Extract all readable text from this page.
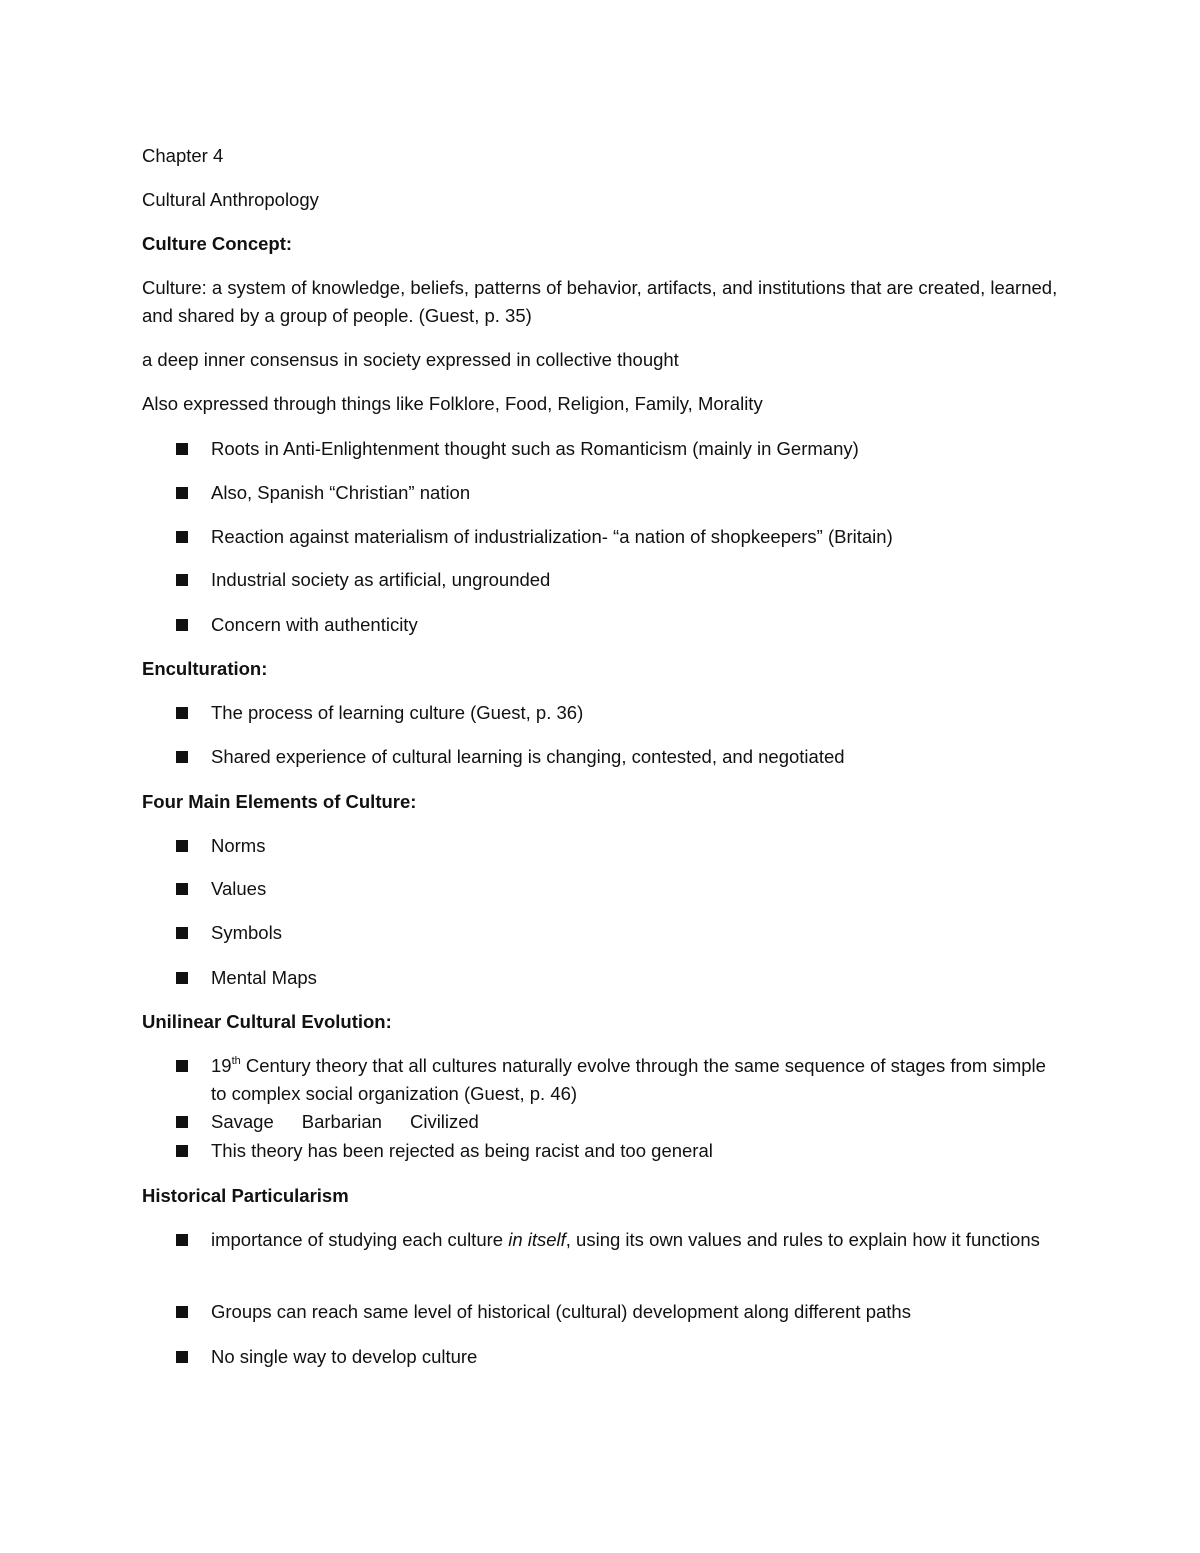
Chapter 4
Cultural Anthropology
Culture Concept:
Culture: a system of knowledge, beliefs, patterns of behavior, artifacts, and institutions that are created, learned, and shared by a group of people. (Guest, p. 35)
a deep inner consensus in society expressed in collective thought
Also expressed through things like Folklore, Food, Religion, Family, Morality
Roots in Anti-Enlightenment thought such as Romanticism (mainly in Germany)
Also, Spanish “Christian” nation
Reaction against materialism of industrialization- “a nation of shopkeepers” (Britain)
Industrial society as artificial, ungrounded
Concern with authenticity
Enculturation:
The process of learning culture (Guest, p. 36)
Shared experience of cultural learning is changing, contested, and negotiated
Four Main Elements of Culture:
Norms
Values
Symbols
Mental Maps
Unilinear Cultural Evolution:
19th Century theory that all cultures naturally evolve through the same sequence of stages from simple to complex social organization (Guest, p. 46)
Savage Barbarian Civilized
This theory has been rejected as being racist and too general
Historical Particularism
importance of studying each culture in itself, using its own values and rules to explain how it functions
Groups can reach same level of historical (cultural) development along different paths
No single way to develop culture
